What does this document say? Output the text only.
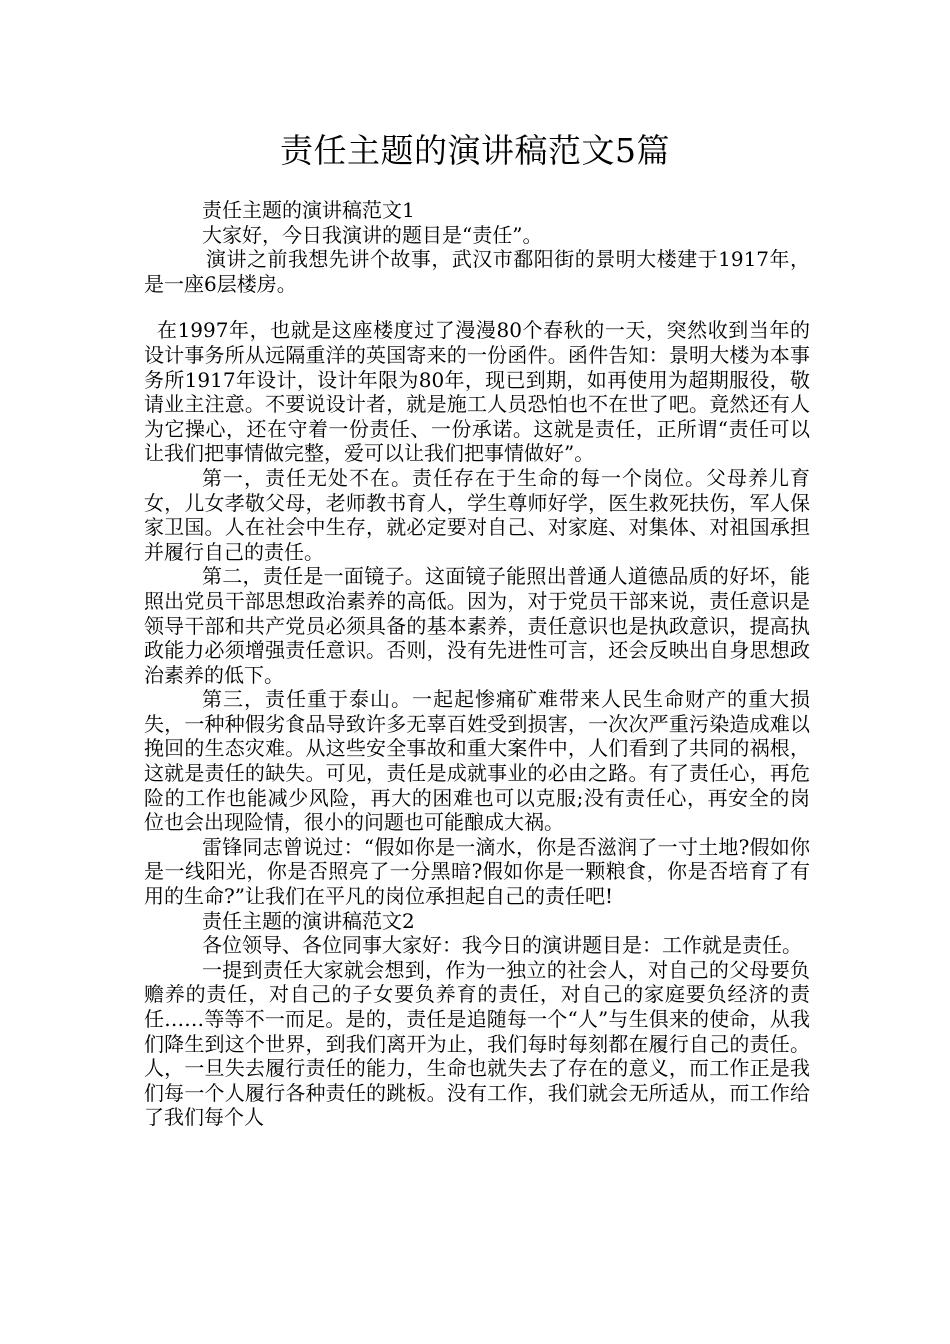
责任主题的演讲稿范文5篇

责任主题的演讲稿范文1

大家好，今日我演讲的题目是“责任”。

演讲之前我想先讲个故事，武汉市鄱阳街的景明大楼建于1917年，是一座6层楼房。

在1997年，也就是这座楼度过了漫漫80个春秋的一天，突然收到当年的设计事务所从远隔重洋的英国寄来的一份函件。函件告知：景明大楼为本事务所1917年设计，设计年限为80年，现已到期，如再使用为超期服役，敬请业主注意。不要说设计者，就是施工人员恐怕也不在世了吧。竟然还有人为它操心，还在守着一份责任、一份承诺。这就是责任，正所谓“责任可以让我们把事情做完整，爱可以让我们把事情做好”。

第一，责任无处不在。责任存在于生命的每一个岗位。父母养儿育女，儿女孝敬父母，老师教书育人，学生尊师好学，医生救死扶伤，军人保家卫国。人在社会中生存，就必定要对自己、对家庭、对集体、对祖国承担并履行自己的责任。

第二，责任是一面镜子。这面镜子能照出普通人道德品质的好坏，能照出党员干部思想政治素养的高低。因为，对于党员干部来说，责任意识是领导干部和共产党员必须具备的基本素养，责任意识也是执政意识，提高执政能力必须增强责任意识。否则，没有先进性可言，还会反映出自身思想政治素养的低下。

第三，责任重于泰山。一起起惨痛矿难带来人民生命财产的重大损失，一种种假劣食品导致许多无辜百姓受到损害，一次次严重污染造成难以挽回的生态灾难。从这些安全事故和重大案件中，人们看到了共同的祸根，这就是责任的缺失。可见，责任是成就事业的必由之路。有了责任心，再危险的工作也能减少风险，再大的困难也可以克服;没有责任心，再安全的岗位也会出现险情，很小的问题也可能酿成大祸。

雷锋同志曾说过：“假如你是一滴水，你是否滋润了一寸土地?假如你是一线阳光，你是否照亮了一分黑暗?假如你是一颗粮食，你是否培育了有用的生命?”让我们在平凡的岗位承担起自己的责任吧!

责任主题的演讲稿范文2

各位领导、各位同事大家好：我今日的演讲题目是：工作就是责任。

一提到责任大家就会想到，作为一独立的社会人，对自己的父母要负赡养的责任，对自己的子女要负养育的责任，对自己的家庭要负经济的责任……等等不一而足。是的，责任是追随每一个“人”与生俱来的使命，从我们降生到这个世界，到我们离开为止，我们每时每刻都在履行自己的责任。人，一旦失去履行责任的能力，生命也就失去了存在的意义，而工作正是我们每一个人履行各种责任的跳板。没有工作，我们就会无所适从，而工作给了我们每个人
